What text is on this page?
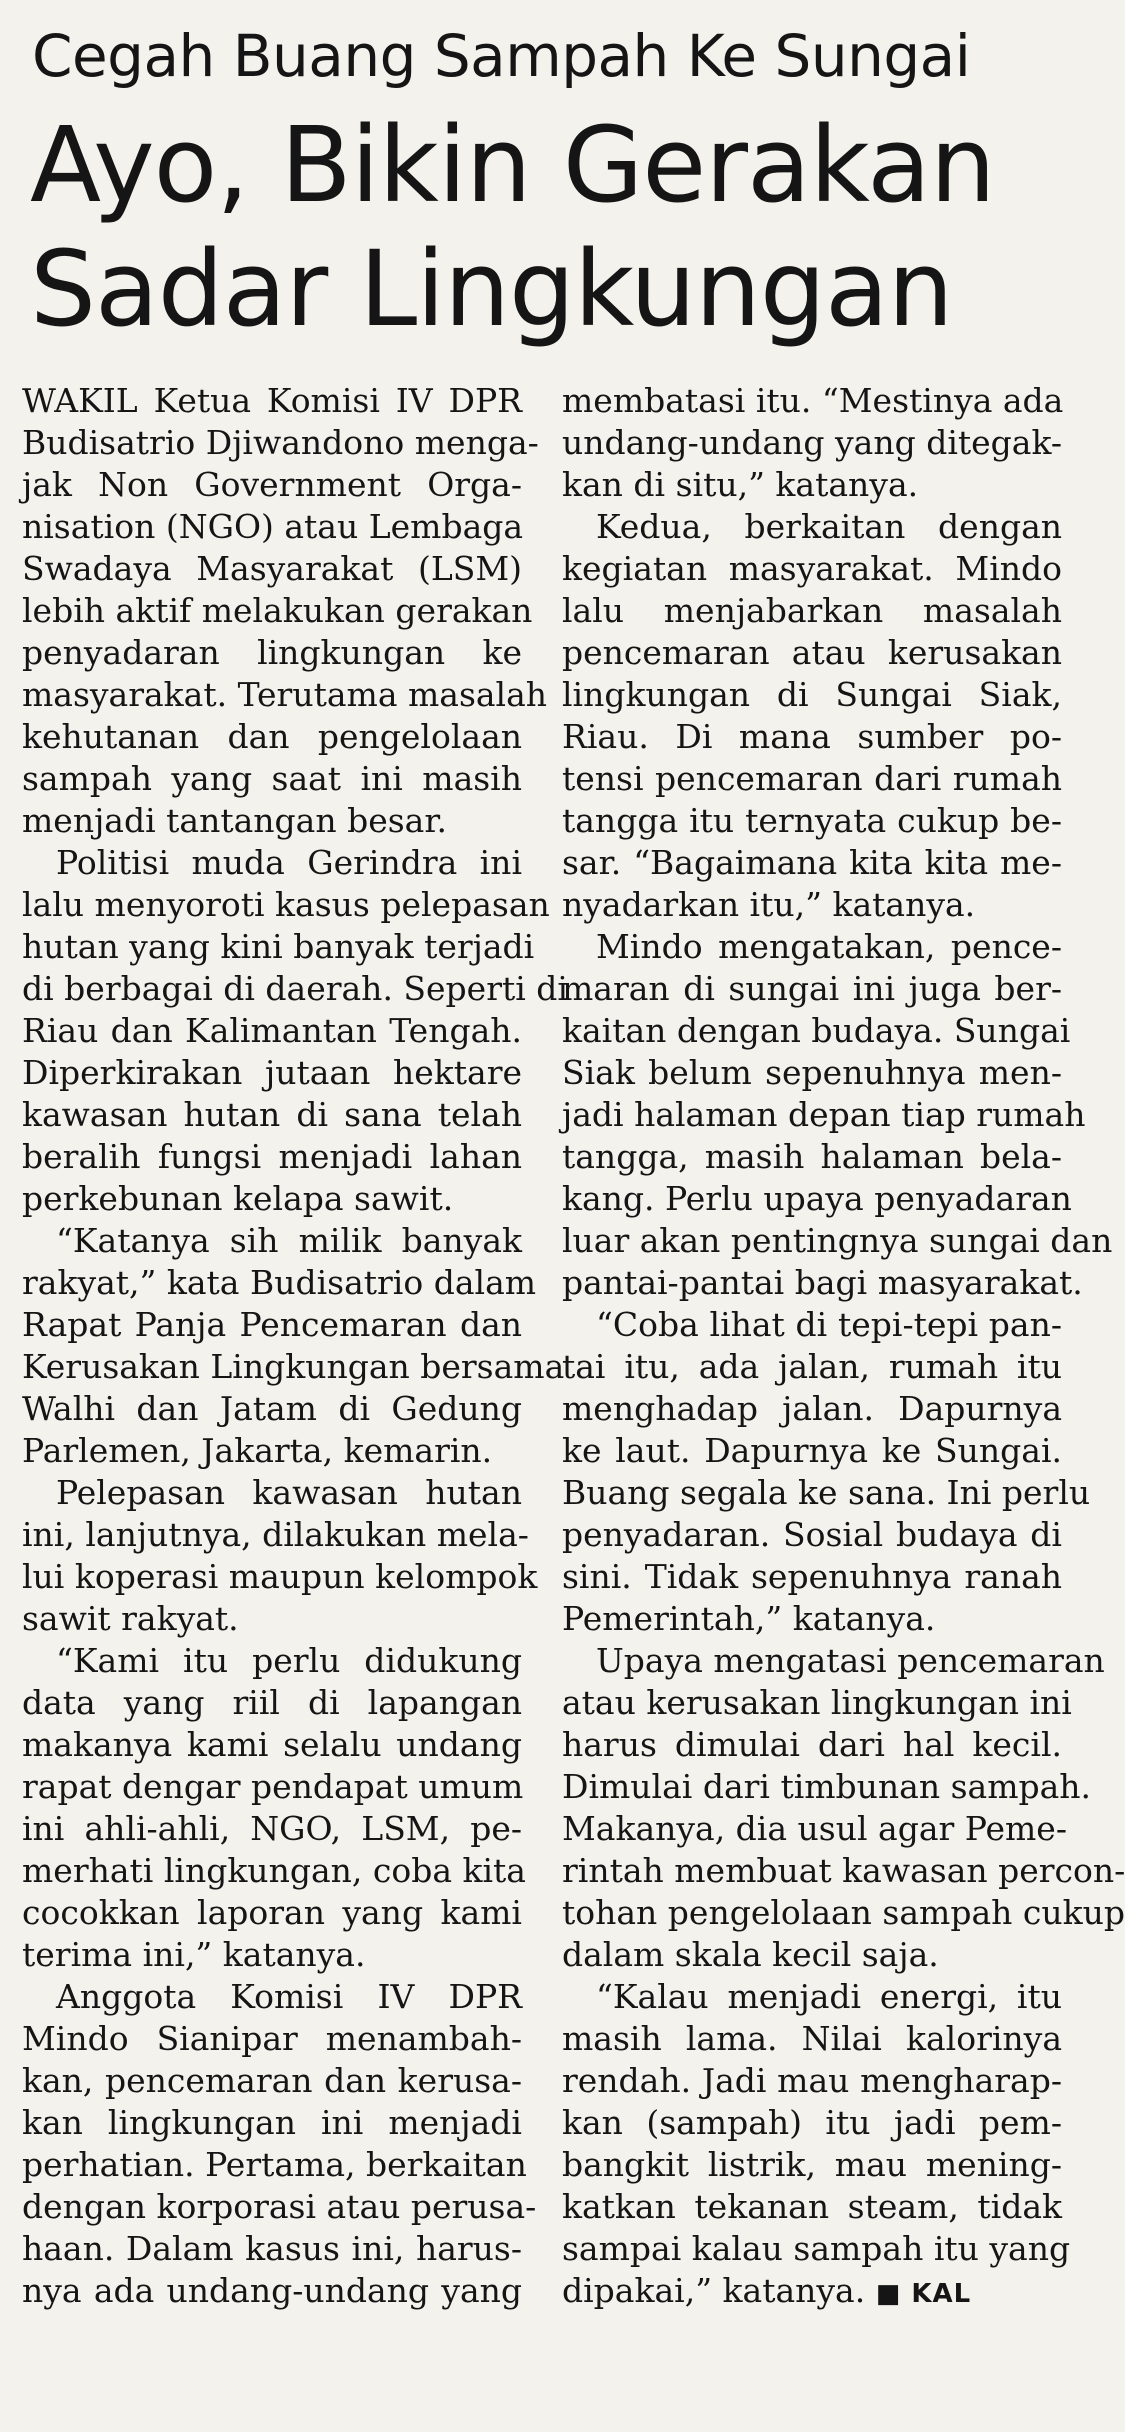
Cegah Buang Sampah Ke Sungai
Ayo, Bikin Gerakan
Sadar Lingkungan
WAKIL Ketua Komisi IV DPR
Budisatrio Djiwandono menga-
jak Non Government Orga-
nisation (NGO) atau Lembaga
Swadaya Masyarakat (LSM)
lebih aktif melakukan gerakan
penyadaran lingkungan ke
masyarakat. Terutama masalah
kehutanan dan pengelolaan
sampah yang saat ini masih
menjadi tantangan besar.
Politisi muda Gerindra ini
lalu menyoroti kasus pelepasan
hutan yang kini banyak terjadi
di berbagai di daerah. Seperti di
Riau dan Kalimantan Tengah.
Diperkirakan jutaan hektare
kawasan hutan di sana telah
beralih fungsi menjadi lahan
perkebunan kelapa sawit.
“Katanya sih milik banyak
rakyat,” kata Budisatrio dalam
Rapat Panja Pencemaran dan
Kerusakan Lingkungan bersama
Walhi dan Jatam di Gedung
Parlemen, Jakarta, kemarin.
Pelepasan kawasan hutan
ini, lanjutnya, dilakukan mela-
lui koperasi maupun kelompok
sawit rakyat.
“Kami itu perlu didukung
data yang riil di lapangan
makanya kami selalu undang
rapat dengar pendapat umum
ini ahli-ahli, NGO, LSM, pe-
merhati lingkungan, coba kita
cocokkan laporan yang kami
terima ini,” katanya.
Anggota Komisi IV DPR
Mindo Sianipar menambah-
kan, pencemaran dan kerusa-
kan lingkungan ini menjadi
perhatian. Pertama, berkaitan
dengan korporasi atau perusa-
haan. Dalam kasus ini, harus-
nya ada undang-undang yang
membatasi itu. “Mestinya ada
undang-undang yang ditegak-
kan di situ,” katanya.
Kedua, berkaitan dengan
kegiatan masyarakat. Mindo
lalu menjabarkan masalah
pencemaran atau kerusakan
lingkungan di Sungai Siak,
Riau. Di mana sumber po-
tensi pencemaran dari rumah
tangga itu ternyata cukup be-
sar. “Bagaimana kita kita me-
nyadarkan itu,” katanya.
Mindo mengatakan, pence-
maran di sungai ini juga ber-
kaitan dengan budaya. Sungai
Siak belum sepenuhnya men-
jadi halaman depan tiap rumah
tangga, masih halaman bela-
kang. Perlu upaya penyadaran
luar akan pentingnya sungai dan
pantai-pantai bagi masyarakat.
“Coba lihat di tepi-tepi pan-
tai itu, ada jalan, rumah itu
menghadap jalan. Dapurnya
ke laut. Dapurnya ke Sungai.
Buang segala ke sana. Ini perlu
penyadaran. Sosial budaya di
sini. Tidak sepenuhnya ranah
Pemerintah,” katanya.
Upaya mengatasi pencemaran
atau kerusakan lingkungan ini
harus dimulai dari hal kecil.
Dimulai dari timbunan sampah.
Makanya, dia usul agar Peme-
rintah membuat kawasan percon-
tohan pengelolaan sampah cukup
dalam skala kecil saja.
“Kalau menjadi energi, itu
masih lama. Nilai kalorinya
rendah. Jadi mau mengharap-
kan (sampah) itu jadi pem-
bangkit listrik, mau mening-
katkan tekanan steam, tidak
sampai kalau sampah itu yang
dipakai,” katanya. ■ KAL
